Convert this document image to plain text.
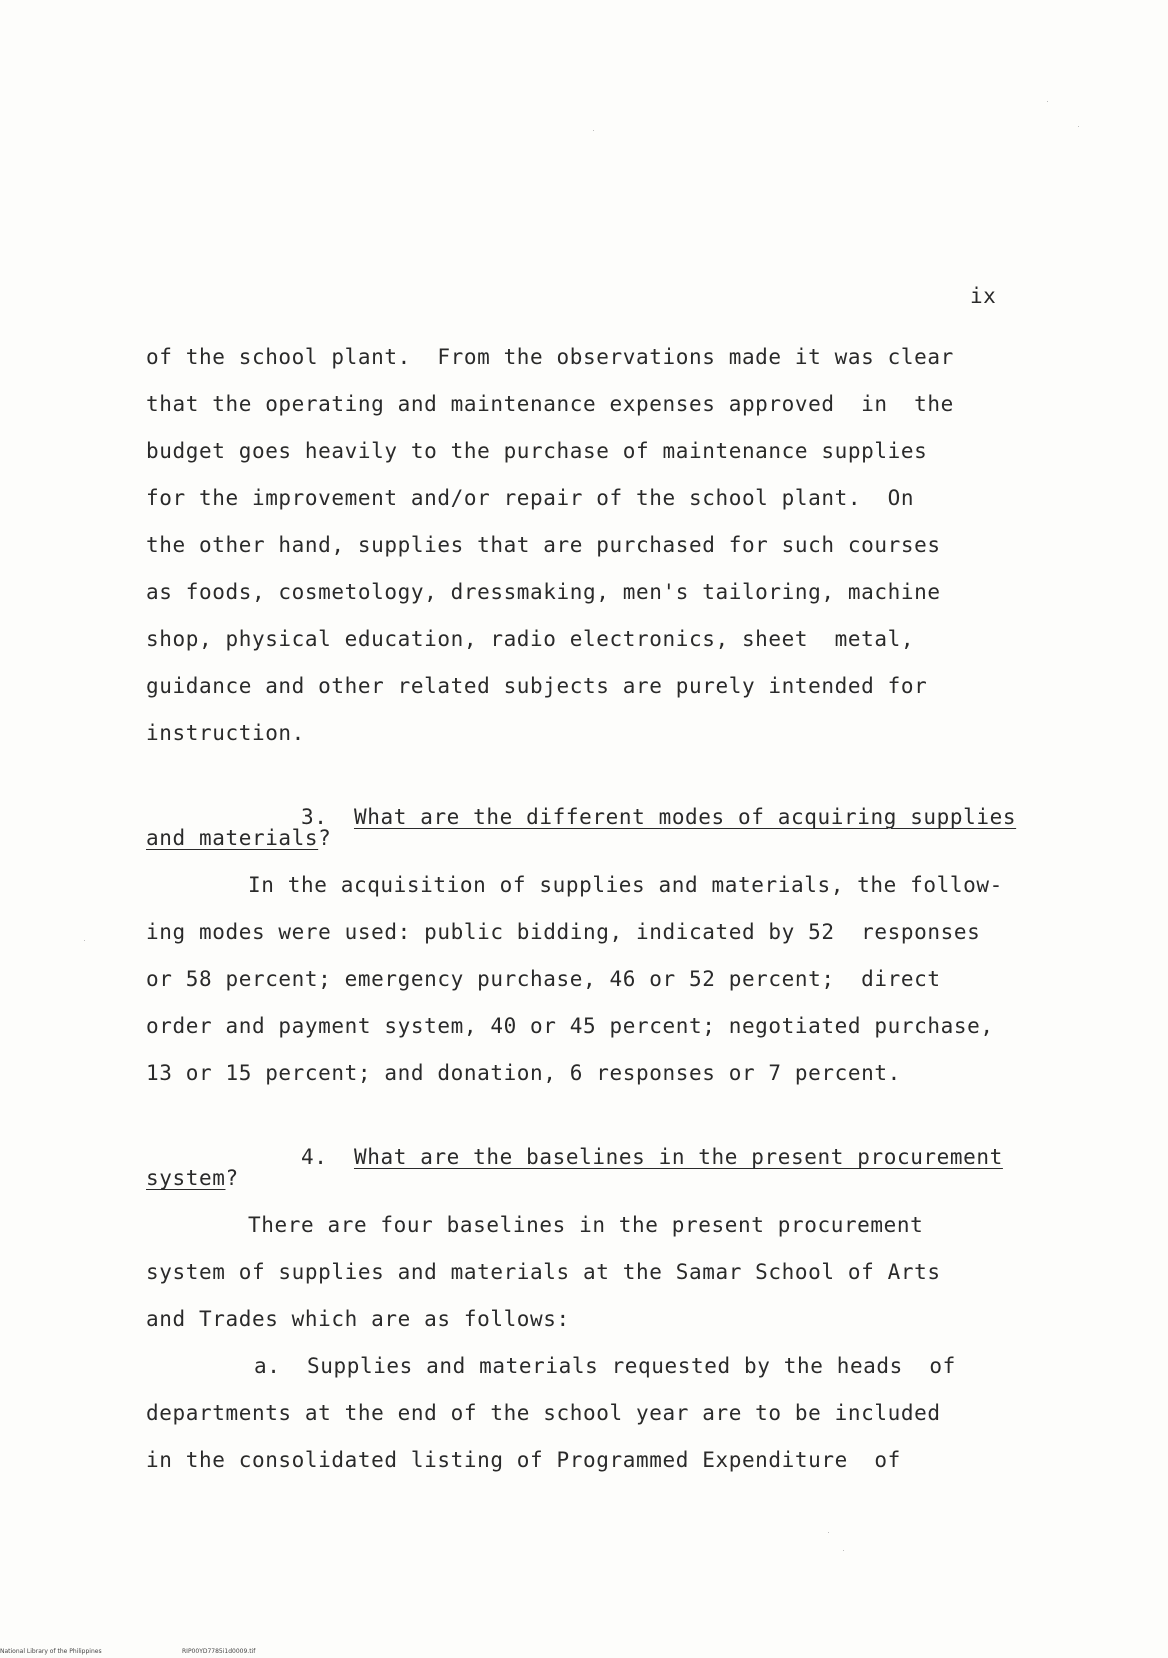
ix
of the school plant.  From the observations made it was clear
that the operating and maintenance expenses approved  in  the
budget goes heavily to the purchase of maintenance supplies
for the improvement and/or repair of the school plant.  On
the other hand, supplies that are purchased for such courses
as foods, cosmetology, dressmaking, men's tailoring, machine
shop, physical education, radio electronics, sheet  metal,
guidance and other related subjects are purely intended for
instruction.

3. What are the different modes of acquiring supplies

and materials?
In the acquisition of supplies and materials, the follow-
ing modes were used: public bidding, indicated by 52  responses
or 58 percent; emergency purchase, 46 or 52 percent;  direct
order and payment system, 40 or 45 percent; negotiated purchase,
13 or 15 percent; and donation, 6 responses or 7 percent.

4. What are the baselines in the present procurement

system?
There are four baselines in the present procurement
system of supplies and materials at the Samar School of Arts
and Trades which are as follows:
a.  Supplies and materials requested by the heads  of
departments at the end of the school year are to be included
in the consolidated listing of Programmed Expenditure  of
National Library of the Philippines	RIP00YD7785i1d0009.tif
